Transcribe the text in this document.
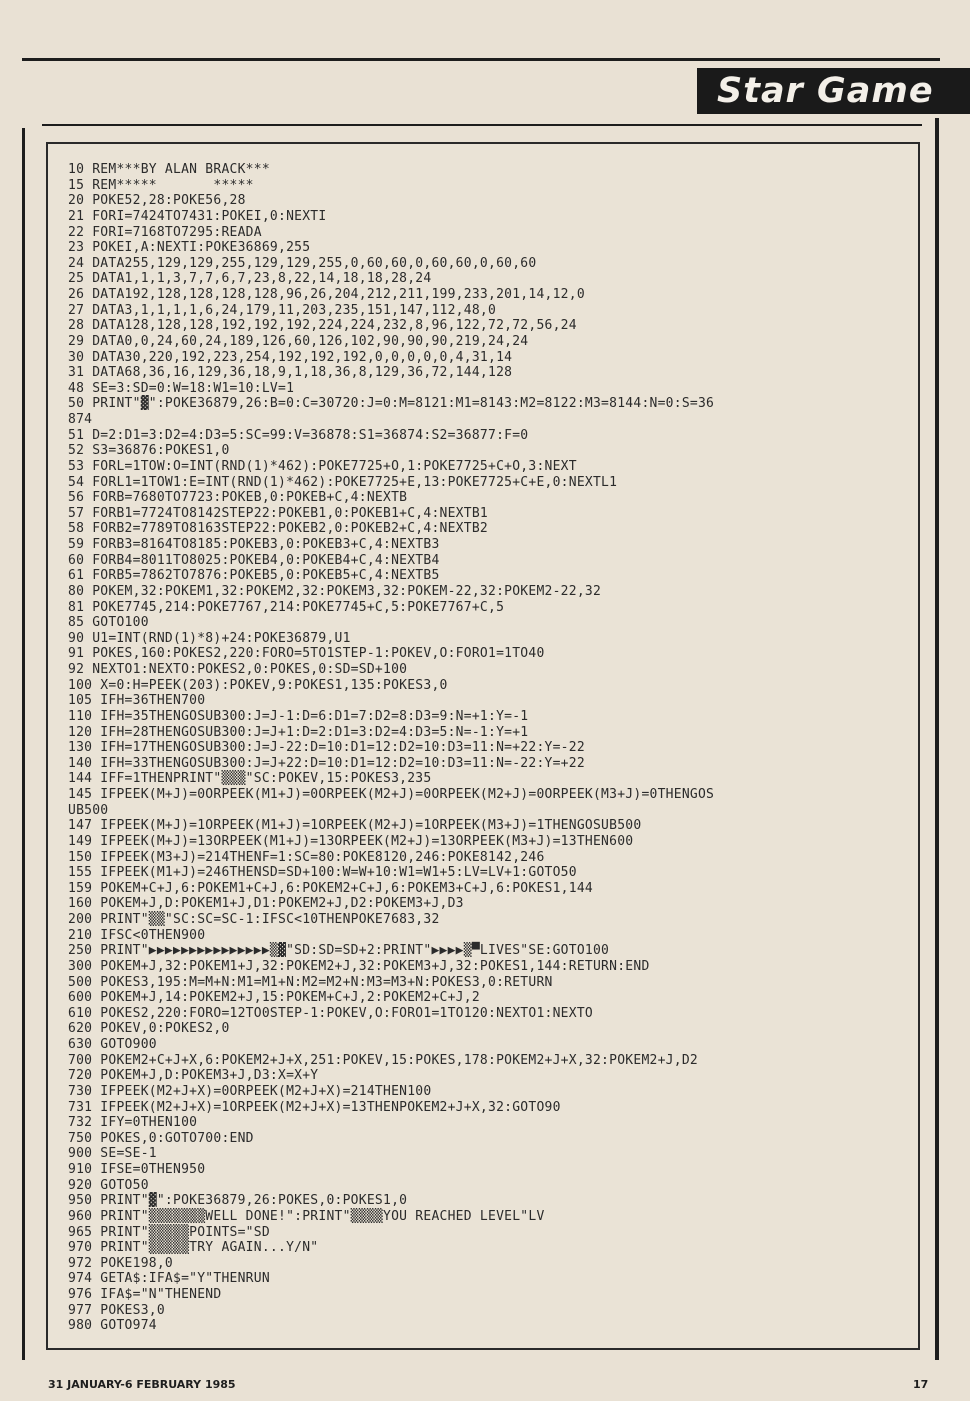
Star Game
10 REM***BY ALAN BRACK***
15 REM*****       *****
20 POKE52,28:POKE56,28
21 FORI=7424TO7431:POKEI,0:NEXTI
22 FORI=7168TO7295:READA
23 POKEI,A:NEXTI:POKE36869,255
24 DATA255,129,129,255,129,129,255,0,60,60,0,60,60,0,60,60
25 DATA1,1,1,3,7,7,6,7,23,8,22,14,18,18,28,24
26 DATA192,128,128,128,128,96,26,204,212,211,199,233,201,14,12,0
27 DATA3,1,1,1,1,6,24,179,11,203,235,151,147,112,48,0
28 DATA128,128,128,192,192,192,224,224,232,8,96,122,72,72,56,24
29 DATA0,0,24,60,24,189,126,60,126,102,90,90,90,219,24,24
30 DATA30,220,192,223,254,192,192,192,0,0,0,0,0,4,31,14
31 DATA68,36,16,129,36,18,9,1,18,36,8,129,36,72,144,128
48 SE=3:SD=0:W=18:W1=10:LV=1
50 PRINT"▓":POKE36879,26:B=0:C=30720:J=0:M=8121:M1=8143:M2=8122:M3=8144:N=0:S=36
874
51 D=2:D1=3:D2=4:D3=5:SC=99:V=36878:S1=36874:S2=36877:F=0
52 S3=36876:POKES1,0
53 FORL=1TOW:O=INT(RND(1)*462):POKE7725+O,1:POKE7725+C+O,3:NEXT
54 FORL1=1TOW1:E=INT(RND(1)*462):POKE7725+E,13:POKE7725+C+E,0:NEXTL1
56 FORB=7680TO7723:POKEB,0:POKEB+C,4:NEXTB
57 FORB1=7724TO8142STEP22:POKEB1,0:POKEB1+C,4:NEXTB1
58 FORB2=7789TO8163STEP22:POKEB2,0:POKEB2+C,4:NEXTB2
59 FORB3=8164TO8185:POKEB3,0:POKEB3+C,4:NEXTB3
60 FORB4=8011TO8025:POKEB4,0:POKEB4+C,4:NEXTB4
61 FORB5=7862TO7876:POKEB5,0:POKEB5+C,4:NEXTB5
80 POKEM,32:POKEM1,32:POKEM2,32:POKEM3,32:POKEM-22,32:POKEM2-22,32
81 POKE7745,214:POKE7767,214:POKE7745+C,5:POKE7767+C,5
85 GOTO100
90 U1=INT(RND(1)*8)+24:POKE36879,U1
91 POKES,160:POKES2,220:FORO=5TO1STEP-1:POKEV,O:FORO1=1TO40
92 NEXTO1:NEXTO:POKES2,0:POKES,0:SD=SD+100
100 X=0:H=PEEK(203):POKEV,9:POKES1,135:POKES3,0
105 IFH=36THEN700
110 IFH=35THENGOSUB300:J=J-1:D=6:D1=7:D2=8:D3=9:N=+1:Y=-1
120 IFH=28THENGOSUB300:J=J+1:D=2:D1=3:D2=4:D3=5:N=-1:Y=+1
130 IFH=17THENGOSUB300:J=J-22:D=10:D1=12:D2=10:D3=11:N=+22:Y=-22
140 IFH=33THENGOSUB300:J=J+22:D=10:D1=12:D2=10:D3=11:N=-22:Y=+22
144 IFF=1THENPRINT"▒▒▒"SC:POKEV,15:POKES3,235
145 IFPEEK(M+J)=0ORPEEK(M1+J)=0ORPEEK(M2+J)=0ORPEEK(M2+J)=0ORPEEK(M3+J)=0THENGOS
UB500
147 IFPEEK(M+J)=1ORPEEK(M1+J)=1ORPEEK(M2+J)=1ORPEEK(M3+J)=1THENGOSUB500
149 IFPEEK(M+J)=13ORPEEK(M1+J)=13ORPEEK(M2+J)=13ORPEEK(M3+J)=13THEN600
150 IFPEEK(M3+J)=214THENF=1:SC=80:POKE8120,246:POKE8142,246
155 IFPEEK(M1+J)=246THENSD=SD+100:W=W+10:W1=W1+5:LV=LV+1:GOTO50
159 POKEM+C+J,6:POKEM1+C+J,6:POKEM2+C+J,6:POKEM3+C+J,6:POKES1,144
160 POKEM+J,D:POKEM1+J,D1:POKEM2+J,D2:POKEM3+J,D3
200 PRINT"▒▒"SC:SC=SC-1:IFSC<10THENPOKE7683,32
210 IFSC<0THEN900
250 PRINT"▶▶▶▶▶▶▶▶▶▶▶▶▶▶▶▒▓"SD:SD=SD+2:PRINT"▶▶▶▶▒▀LIVES"SE:GOTO100
300 POKEM+J,32:POKEM1+J,32:POKEM2+J,32:POKEM3+J,32:POKES1,144:RETURN:END
500 POKES3,195:M=M+N:M1=M1+N:M2=M2+N:M3=M3+N:POKES3,0:RETURN
600 POKEM+J,14:POKEM2+J,15:POKEM+C+J,2:POKEM2+C+J,2
610 POKES2,220:FORO=12TO0STEP-1:POKEV,O:FORO1=1TO120:NEXTO1:NEXTO
620 POKEV,0:POKES2,0
630 GOTO900
700 POKEM2+C+J+X,6:POKEM2+J+X,251:POKEV,15:POKES,178:POKEM2+J+X,32:POKEM2+J,D2
720 POKEM+J,D:POKEM3+J,D3:X=X+Y
730 IFPEEK(M2+J+X)=0ORPEEK(M2+J+X)=214THEN100
731 IFPEEK(M2+J+X)=1ORPEEK(M2+J+X)=13THENPOKEM2+J+X,32:GOTO90
732 IFY=0THEN100
750 POKES,0:GOTO700:END
900 SE=SE-1
910 IFSE=0THEN950
920 GOTO50
950 PRINT"▓":POKE36879,26:POKES,0:POKES1,0
960 PRINT"▒▒▒▒▒▒▒WELL DONE!":PRINT"▒▒▒▒YOU REACHED LEVEL"LV
965 PRINT"▒▒▒▒▒POINTS="SD
970 PRINT"▒▒▒▒▒TRY AGAIN...Y/N"
972 POKE198,0
974 GETA$:IFA$="Y"THENRUN
976 IFA$="N"THENEND
977 POKES3,0
980 GOTO974
31 JANUARY-6 FEBRUARY 1985	17
